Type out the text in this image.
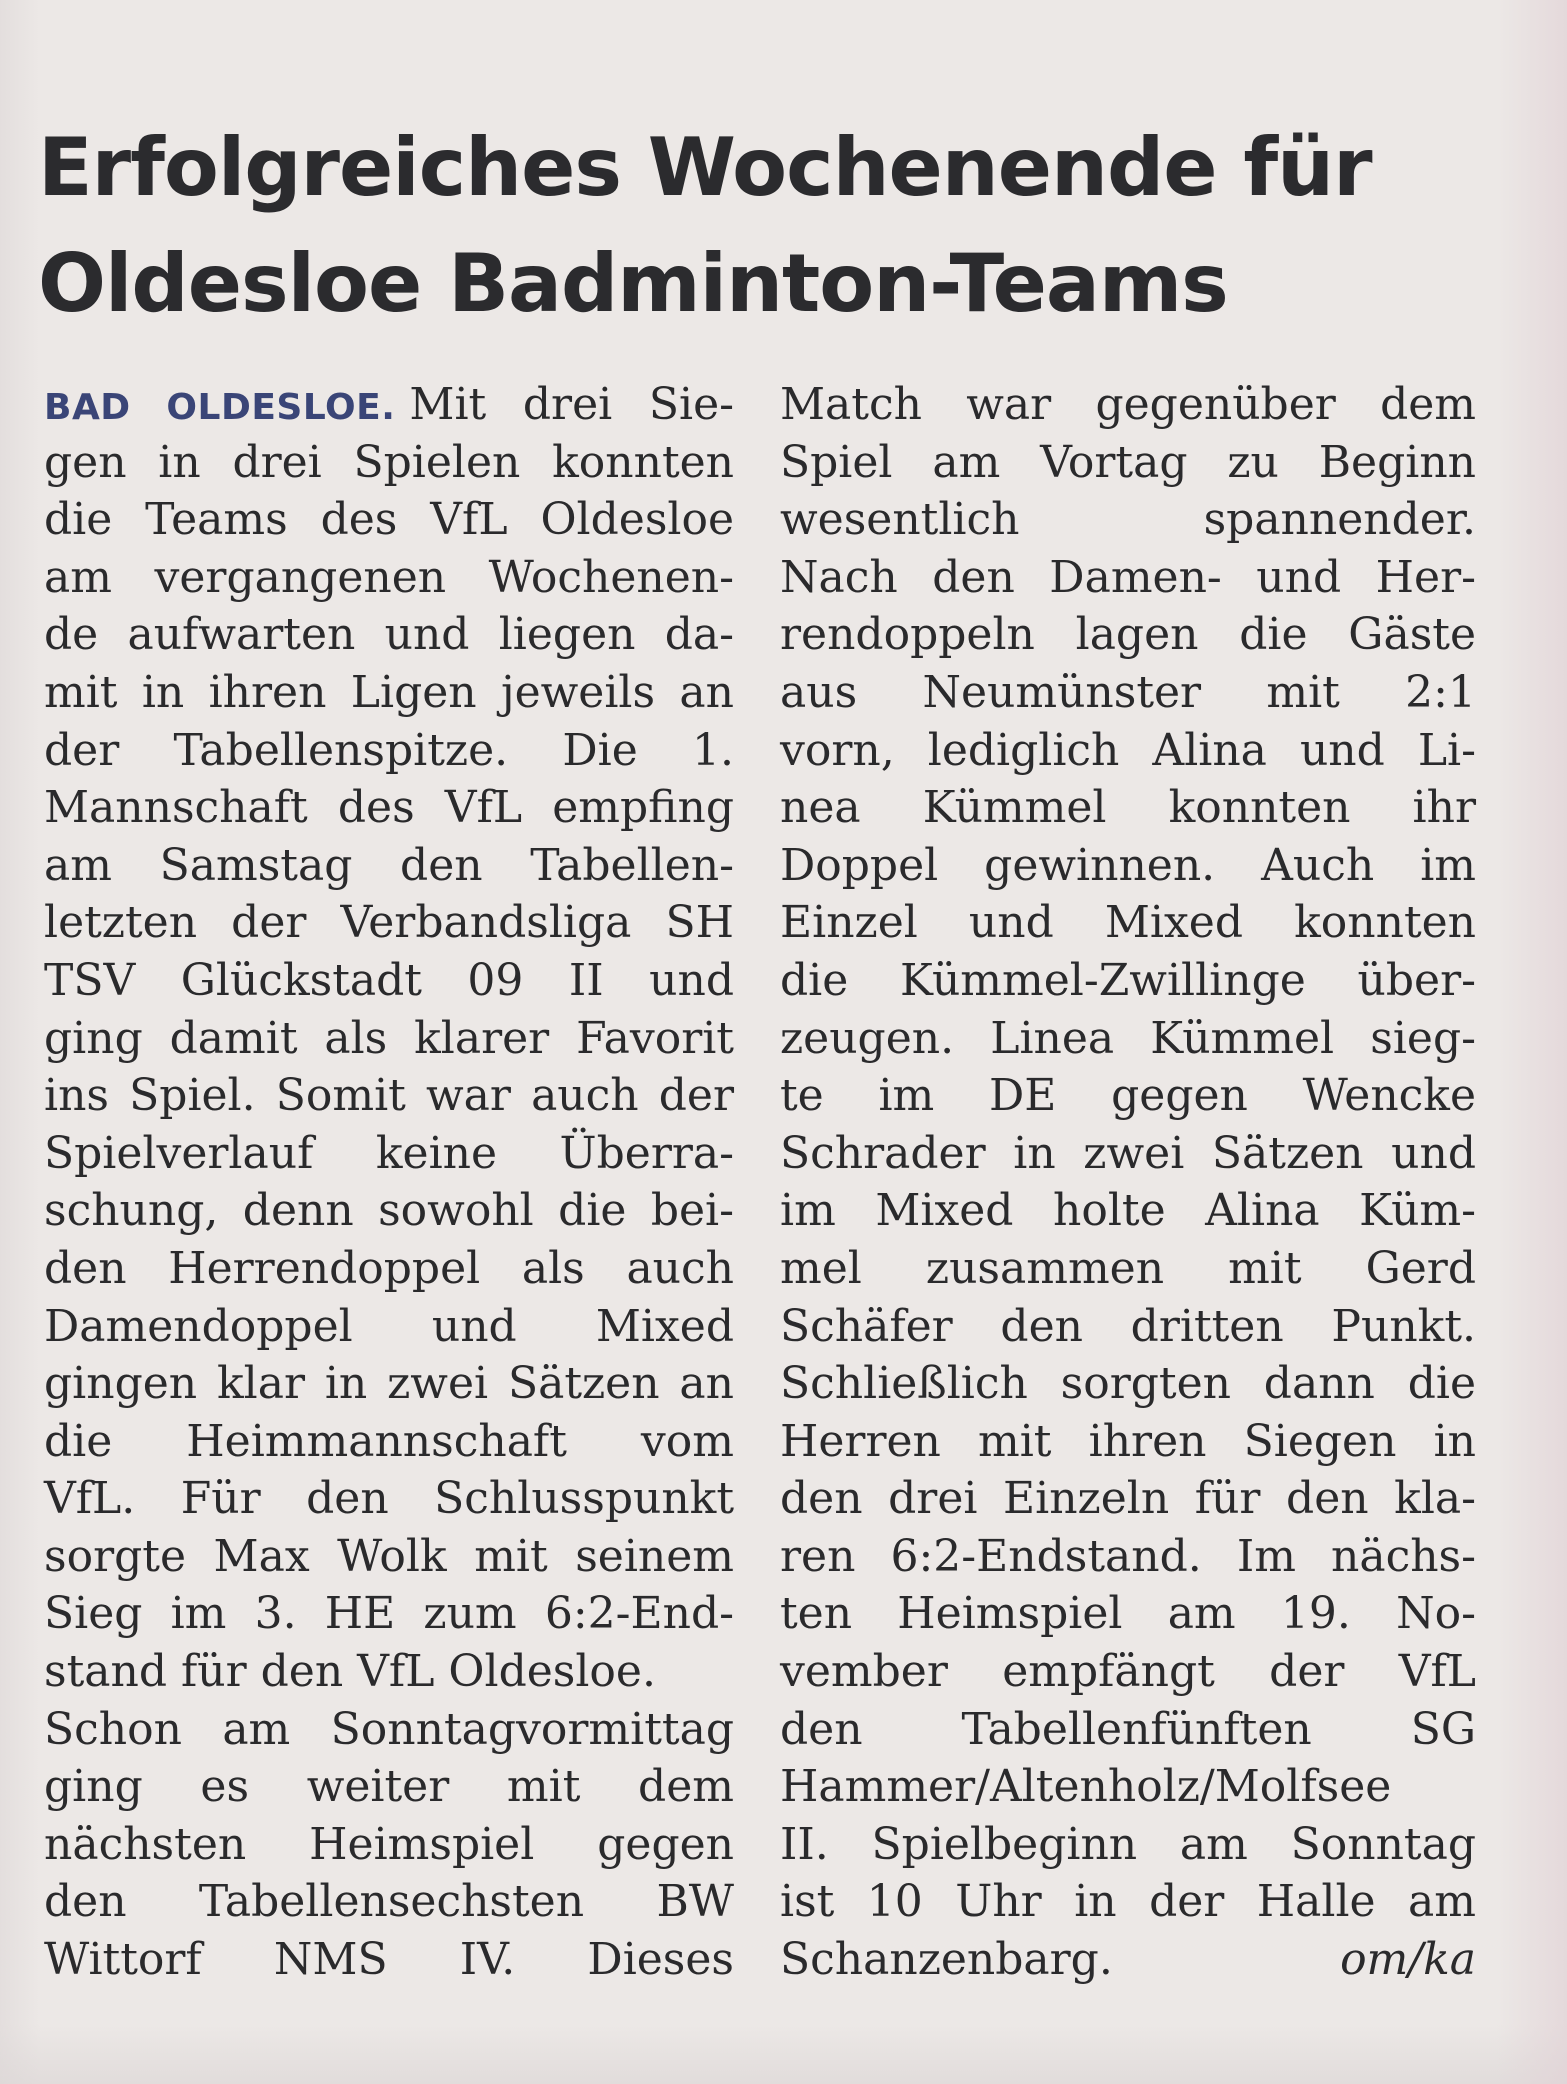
Erfolgreiches Wochenende für
Oldesloe Badminton-Teams
BAD OLDESLOE. Mit drei Sie-
gen in drei Spielen konnten
die Teams des VfL Oldesloe
am vergangenen Wochenen-
de aufwarten und liegen da-
mit in ihren Ligen jeweils an
der Tabellenspitze. Die 1.
Mannschaft des VfL empfing
am Samstag den Tabellen-
letzten der Verbandsliga SH
TSV Glückstadt 09 II und
ging damit als klarer Favorit
ins Spiel. Somit war auch der
Spielverlauf keine Überra-
schung, denn sowohl die bei-
den Herrendoppel als auch
Damendoppel und Mixed
gingen klar in zwei Sätzen an
die Heimmannschaft vom
VfL. Für den Schlusspunkt
sorgte Max Wolk mit seinem
Sieg im 3. HE zum 6:2-End-
stand für den VfL Oldesloe.
Schon am Sonntagvormittag
ging es weiter mit dem
nächsten Heimspiel gegen
den Tabellensechsten BW
Wittorf NMS IV. Dieses
Match war gegenüber dem
Spiel am Vortag zu Beginn
wesentlich spannender.
Nach den Damen- und Her-
rendoppeln lagen die Gäste
aus Neumünster mit 2:1
vorn, lediglich Alina und Li-
nea Kümmel konnten ihr
Doppel gewinnen. Auch im
Einzel und Mixed konnten
die Kümmel-Zwillinge über-
zeugen. Linea Kümmel sieg-
te im DE gegen Wencke
Schrader in zwei Sätzen und
im Mixed holte Alina Küm-
mel zusammen mit Gerd
Schäfer den dritten Punkt.
Schließlich sorgten dann die
Herren mit ihren Siegen in
den drei Einzeln für den kla-
ren 6:2-Endstand. Im nächs-
ten Heimspiel am 19. No-
vember empfängt der VfL
den Tabellenfünften SG
Hammer/Altenholz/Molfsee
II. Spielbeginn am Sonntag
ist 10 Uhr in der Halle am
Schanzenbarg.	om/ka
